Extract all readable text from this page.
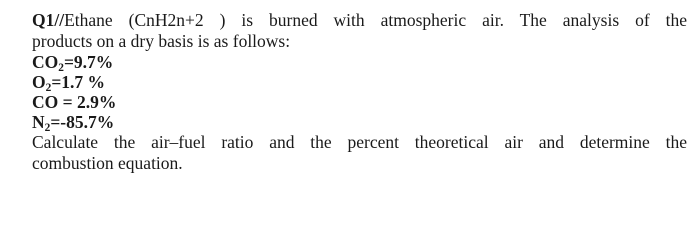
Q1//Ethane (CnH2n+2 ) is burned with atmospheric air. The analysis of the
products on a dry basis is as follows:
$CO_2=9.7\%$
$O_2=1.7$ %
CO = 2.9%
$N_2=-85.7\%$
Calculate the air–fuel ratio and the percent theoretical air and determine the
combustion equation.
